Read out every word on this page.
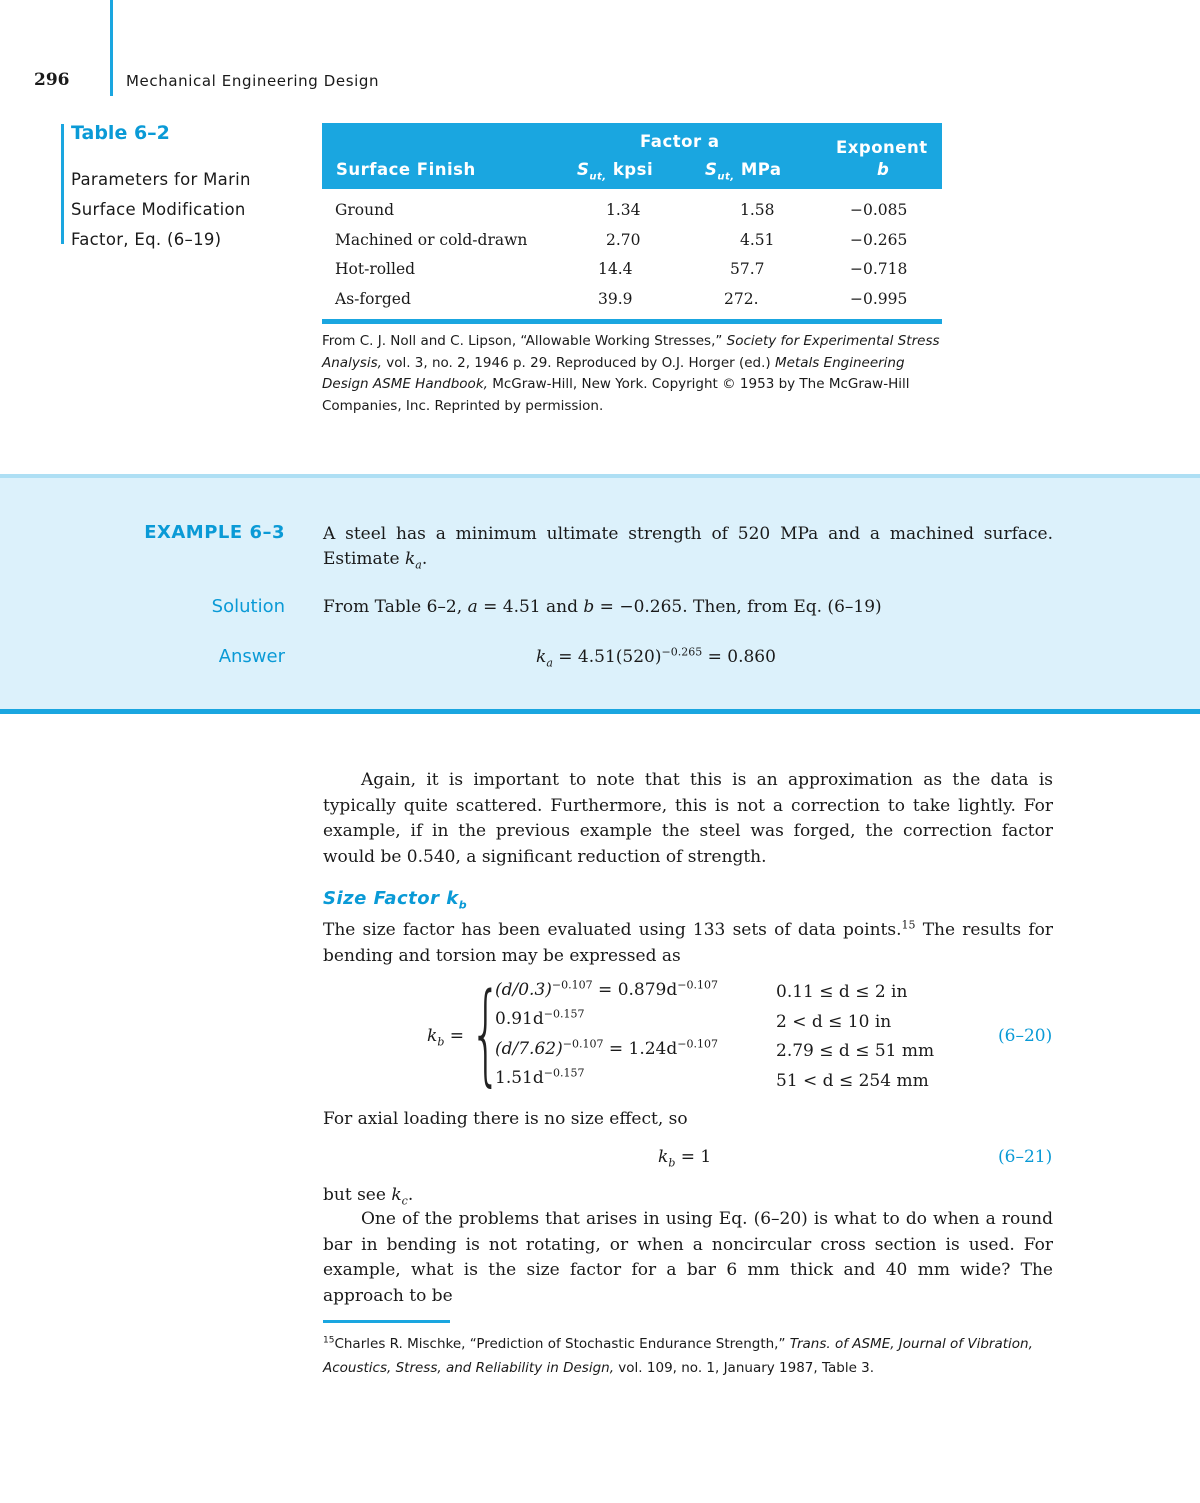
296	Mechanical Engineering Design
Table 6–2
Parameters for Marin Surface Modification Factor, Eq. (6–19)
Factor a	Exponent
Surface Finish	$S_{ut,}$ kpsi	$S_{ut,}$ MPa	b
Ground	1.34	1.58	−0.085
Machined or cold-drawn	2.70	4.51	−0.265
Hot-rolled	14.4	57.7	−0.718
As-forged	39.9	272.	−0.995
From C. J. Noll and C. Lipson, “Allowable Working Stresses,” Society for Experimental Stress Analysis, vol. 3, no. 2, 1946 p. 29. Reproduced by O.J. Horger (ed.) Metals Engineering Design ASME Handbook, McGraw-Hill, New York. Copyright © 1953 by The McGraw-Hill Companies, Inc. Reprinted by permission.
EXAMPLE 6–3 A steel has a minimum ultimate strength of 520 MPa and a machined surface. Estimate $k_a$.
Solution From Table 6–2, a = 4.51 and b = −0.265. Then, from Eq. (6–19)
Answer	$k_a = 4.51(520)^{-0.265} = 0.860$
Again, it is important to note that this is an approximation as the data is typically quite scattered. Furthermore, this is not a correction to take lightly. For example, if in the previous example the steel was forged, the correction factor would be 0.540, a significant reduction of strength.
Size Factor $k_b$
The size factor has been evaluated using 133 sets of data points.$^{15}$ The results for bending and torsion may be expressed as
$k_b$ = {
$(d/0.3)^{-0.107} = 0.879d^{-0.107}$	0.11 ≤ d ≤ 2 in
$0.91d^{-0.157}$	2 < d ≤ 10 in
$(d/7.62)^{-0.107} = 1.24d^{-0.107}$	2.79 ≤ d ≤ 51 mm
$1.51d^{-0.157}$	51 < d ≤ 254 mm
(6–20)
For axial loading there is no size effect, so
$k_b = 1$	(6–21)
but see $k_c$.
One of the problems that arises in using Eq. (6–20) is what to do when a round bar in bending is not rotating, or when a noncircular cross section is used. For example, what is the size factor for a bar 6 mm thick and 40 mm wide? The approach to be
$^{15}$Charles R. Mischke, “Prediction of Stochastic Endurance Strength,” Trans. of ASME, Journal of Vibration, Acoustics, Stress, and Reliability in Design, vol. 109, no. 1, January 1987, Table 3.
